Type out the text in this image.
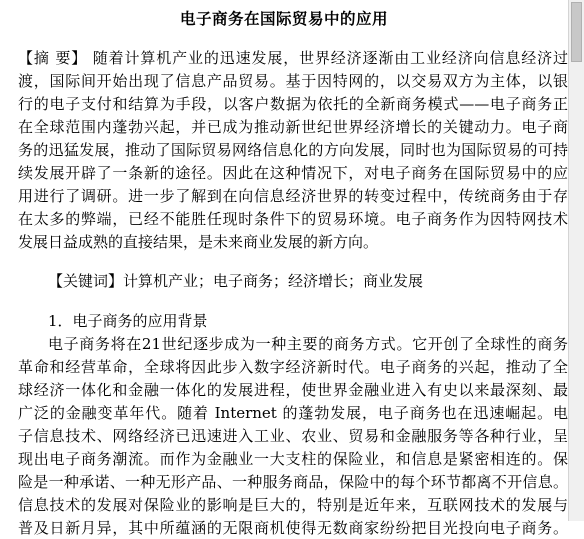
电子商务在国际贸易中的应用
【摘 要】 随着计算机产业的迅速发展，世界经济逐渐由工业经济向信息经济过
渡，国际间开始出现了信息产品贸易。基于因特网的，以交易双方为主体，以银
行的电子支付和结算为手段，以客户数据为依托的全新商务模式——电子商务正
在全球范围内蓬勃兴起，并已成为推动新世纪世界经济增长的关键动力。电子商
务的迅猛发展，推动了国际贸易网络信息化的方向发展，同时也为国际贸易的可持
续发展开辟了一条新的途径。因此在这种情况下，对电子商务在国际贸易中的应
用进行了调研。进一步了解到在向信息经济世界的转变过程中，传统商务由于存
在太多的弊端，已经不能胜任现时条件下的贸易环境。电子商务作为因特网技术
发展日益成熟的直接结果，是未来商业发展的新方向。
【关键词】计算机产业；电子商务；经济增长；商业发展
1．电子商务的应用背景
电子商务将在21世纪逐步成为一种主要的商务方式。它开创了全球性的商务
革命和经营革命，全球将因此步入数字经济新时代。电子商务的兴起，推动了全
球经济一体化和金融一体化的发展进程，使世界金融业进入有史以来最深刻、最
广泛的金融变革年代。随着 Internet 的蓬勃发展，电子商务也在迅速崛起。电
子信息技术、网络经济已迅速进入工业、农业、贸易和金融服务等各种行业，呈
现出电子商务潮流。而作为金融业一大支柱的保险业，和信息是紧密相连的。保
险是一种承诺、一种无形产品、一种服务商品，保险中的每个环节都离不开信息。
信息技术的发展对保险业的影响是巨大的，特别是近年来，互联网技术的发展与
普及日新月异，其中所蕴涵的无限商机使得无数商家纷纷把目光投向电子商务。
